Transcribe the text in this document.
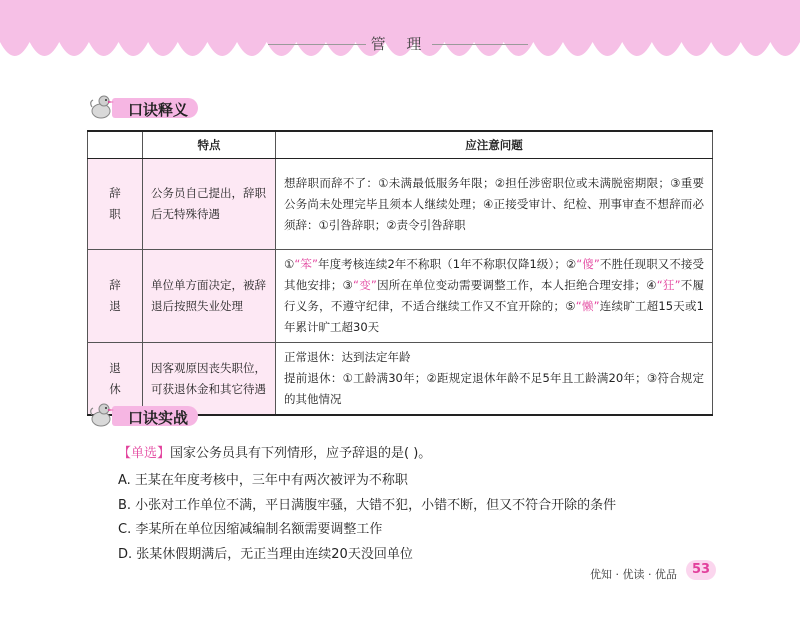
管 理
口诀释义
	特点	应注意问题
辞
职	公务员自己提出，辞职后无特殊待遇	想辞职而辞不了：①未满最低服务年限；②担任涉密职位或未满脱密期限；③重要公务尚未处理完毕且须本人继续处理；④正接受审计、纪检、刑事审查不想辞而必须辞：①引咎辞职；②责令引咎辞职
辞
退	单位单方面决定，被辞退后按照失业处理	①“笨”年度考核连续2年不称职（1年不称职仅降1级）；②“傻”不胜任现职又不接受其他安排；③“变”因所在单位变动需要调整工作，本人拒绝合理安排；④“狂”不履行义务，不遵守纪律，不适合继续工作又不宜开除的；⑤“懒”连续旷工超15天或1年累计旷工超30天
退
休	因客观原因丧失职位，可获退休金和其它待遇	正常退休：达到法定年龄
提前退休：①工龄满30年；②距规定退休年龄不足5年且工龄满20年；③符合规定的其他情况
口诀实战
【单选】国家公务员具有下列情形，应予辞退的是( )。
A. 王某在年度考核中，三年中有两次被评为不称职
B. 小张对工作单位不满，平日满腹牢骚，大错不犯，小错不断，但又不符合开除的条件
C. 李某所在单位因缩减编制名额需要调整工作
D. 张某休假期满后，无正当理由连续20天没回单位
优知 · 优读 · 优品 53
